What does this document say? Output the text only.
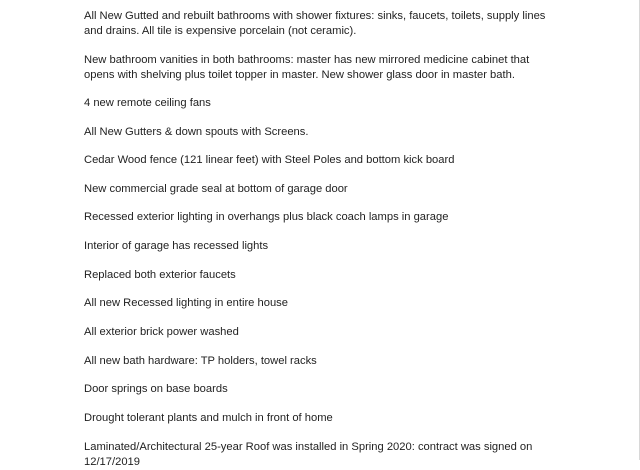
All New Gutted and rebuilt bathrooms with shower fixtures: sinks, faucets, toilets, supply lines
and drains. All tile is expensive porcelain (not ceramic).
New bathroom vanities in both bathrooms: master has new mirrored medicine cabinet that
opens with shelving plus toilet topper in master. New shower glass door in master bath.
4 new remote ceiling fans
All New Gutters & down spouts with Screens.
Cedar Wood fence (121 linear feet) with Steel Poles and bottom kick board
New commercial grade seal at bottom of garage door
Recessed exterior lighting in overhangs plus black coach lamps in garage
Interior of garage has recessed lights
Replaced both exterior faucets
All new Recessed lighting in entire house
All exterior brick power washed
All new bath hardware: TP holders, towel racks
Door springs on base boards
Drought tolerant plants and mulch in front of home
Laminated/Architectural 25-year Roof was installed in Spring 2020: contract was signed on
12/17/2019
